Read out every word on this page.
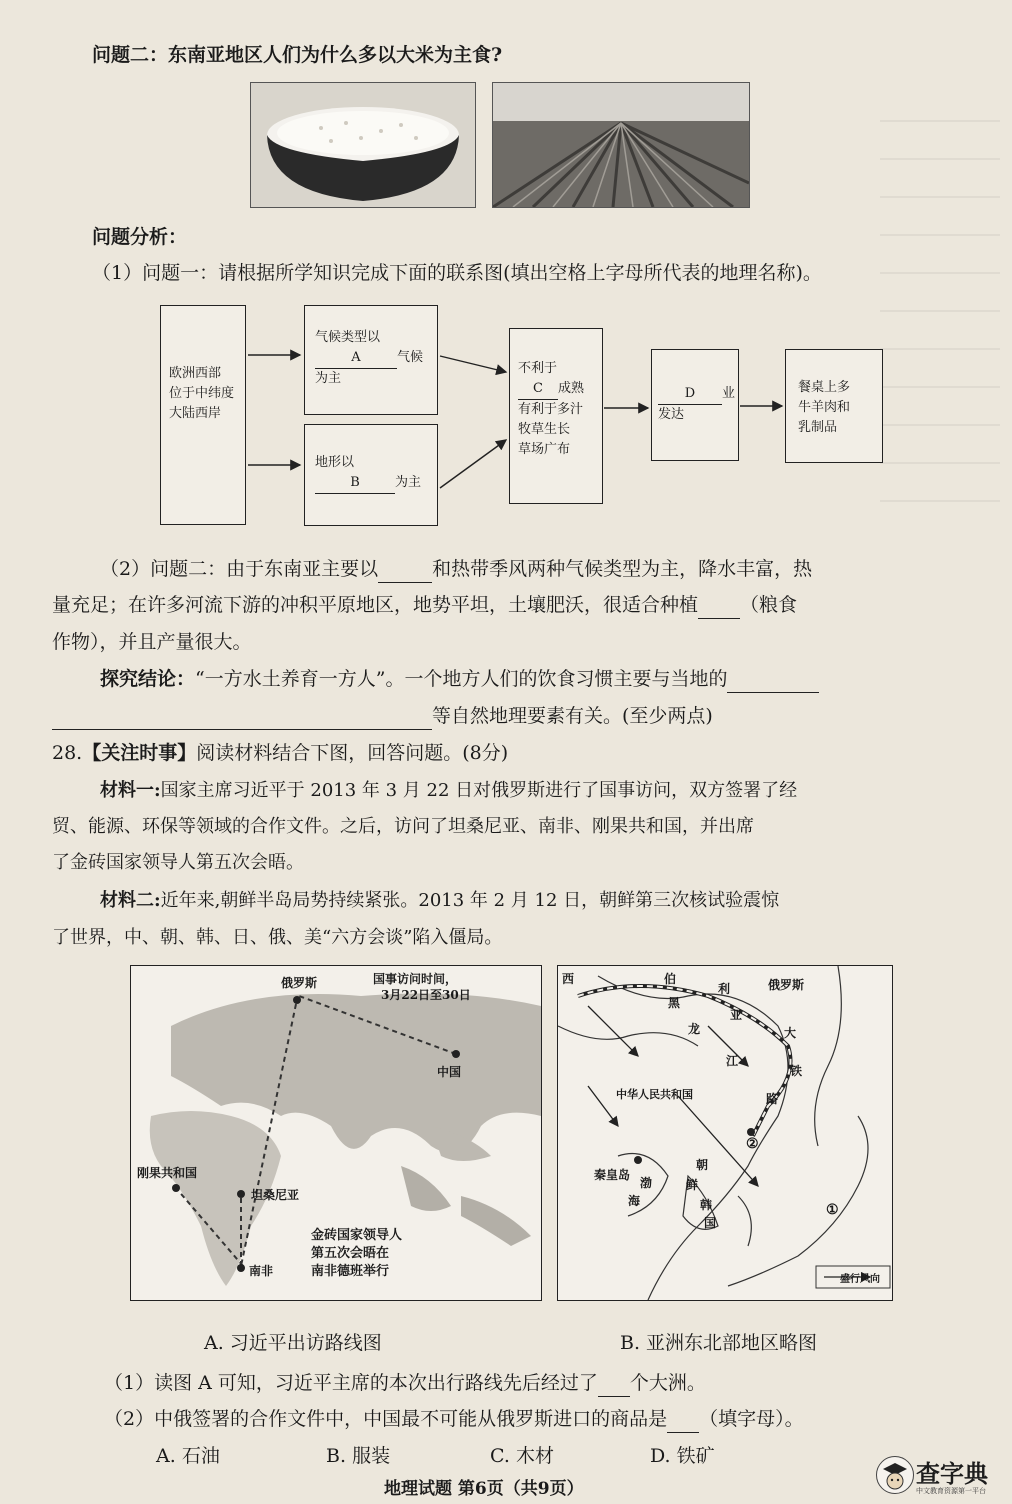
问题二：东南亚地区人们为什么多以大米为主食?
问题分析：
（1）问题一：请根据所学知识完成下面的联系图(填出空格上字母所代表的地理名称)。
欧洲西部
位于中纬度
大陆西岸
气候类型以
A	气候
为主
地形以
B	为主
不利于
C 成熟
有利于多汁
牧草生长
草场广布
D 业
发达
餐桌上多
牛羊肉和
乳制品
（2）问题二：由于东南亚主要以	和热带季风两种气候类型为主，降水丰富，热
量充足；在许多河流下游的冲积平原地区，地势平坦，土壤肥沃，很适合种植 （粮食
作物），并且产量很大。
探究结论：“一方水土养育一方人”。一个地方人们的饮食习惯主要与当地的
等自然地理要素有关。(至少两点)
28.【关注时事】阅读材料结合下图，回答问题。(8分)
材料一:国家主席习近平于 2013 年 3 月 22 日对俄罗斯进行了国事访问，双方签署了经
贸、能源、环保等领域的合作文件。之后，访问了坦桑尼亚、南非、刚果共和国，并出席
了金砖国家领导人第五次会晤。
材料二:近年来,朝鲜半岛局势持续紧张。2013 年 2 月 12 日，朝鲜第三次核试验震惊
了世界，中、朝、韩、日、俄、美“六方会谈”陷入僵局。
俄罗斯	国事访问时间，
3月22日至30日
中国
刚果共和国
坦桑尼亚
南非
金砖国家领导人
第五次会晤在
南非德班举行
西	伯
黑
利
亚
俄罗斯
龙
江
大
铁
路
中华人民共和国
秦皇岛
渤
海
朝
鲜
韩
国
②
①
盛行风向
A. 习近平出访路线图	B. 亚洲东北部地区略图
（1）读图 A 可知，习近平主席的本次出行路线先后经过了 个大洲。
（2）中俄签署的合作文件中，中国最不可能从俄罗斯进口的商品是 （填字母）。
A. 石油	B. 服装	C. 木材	D. 铁矿
地理试题 第6页（共9页）
查字典
中文教育资源第一平台
